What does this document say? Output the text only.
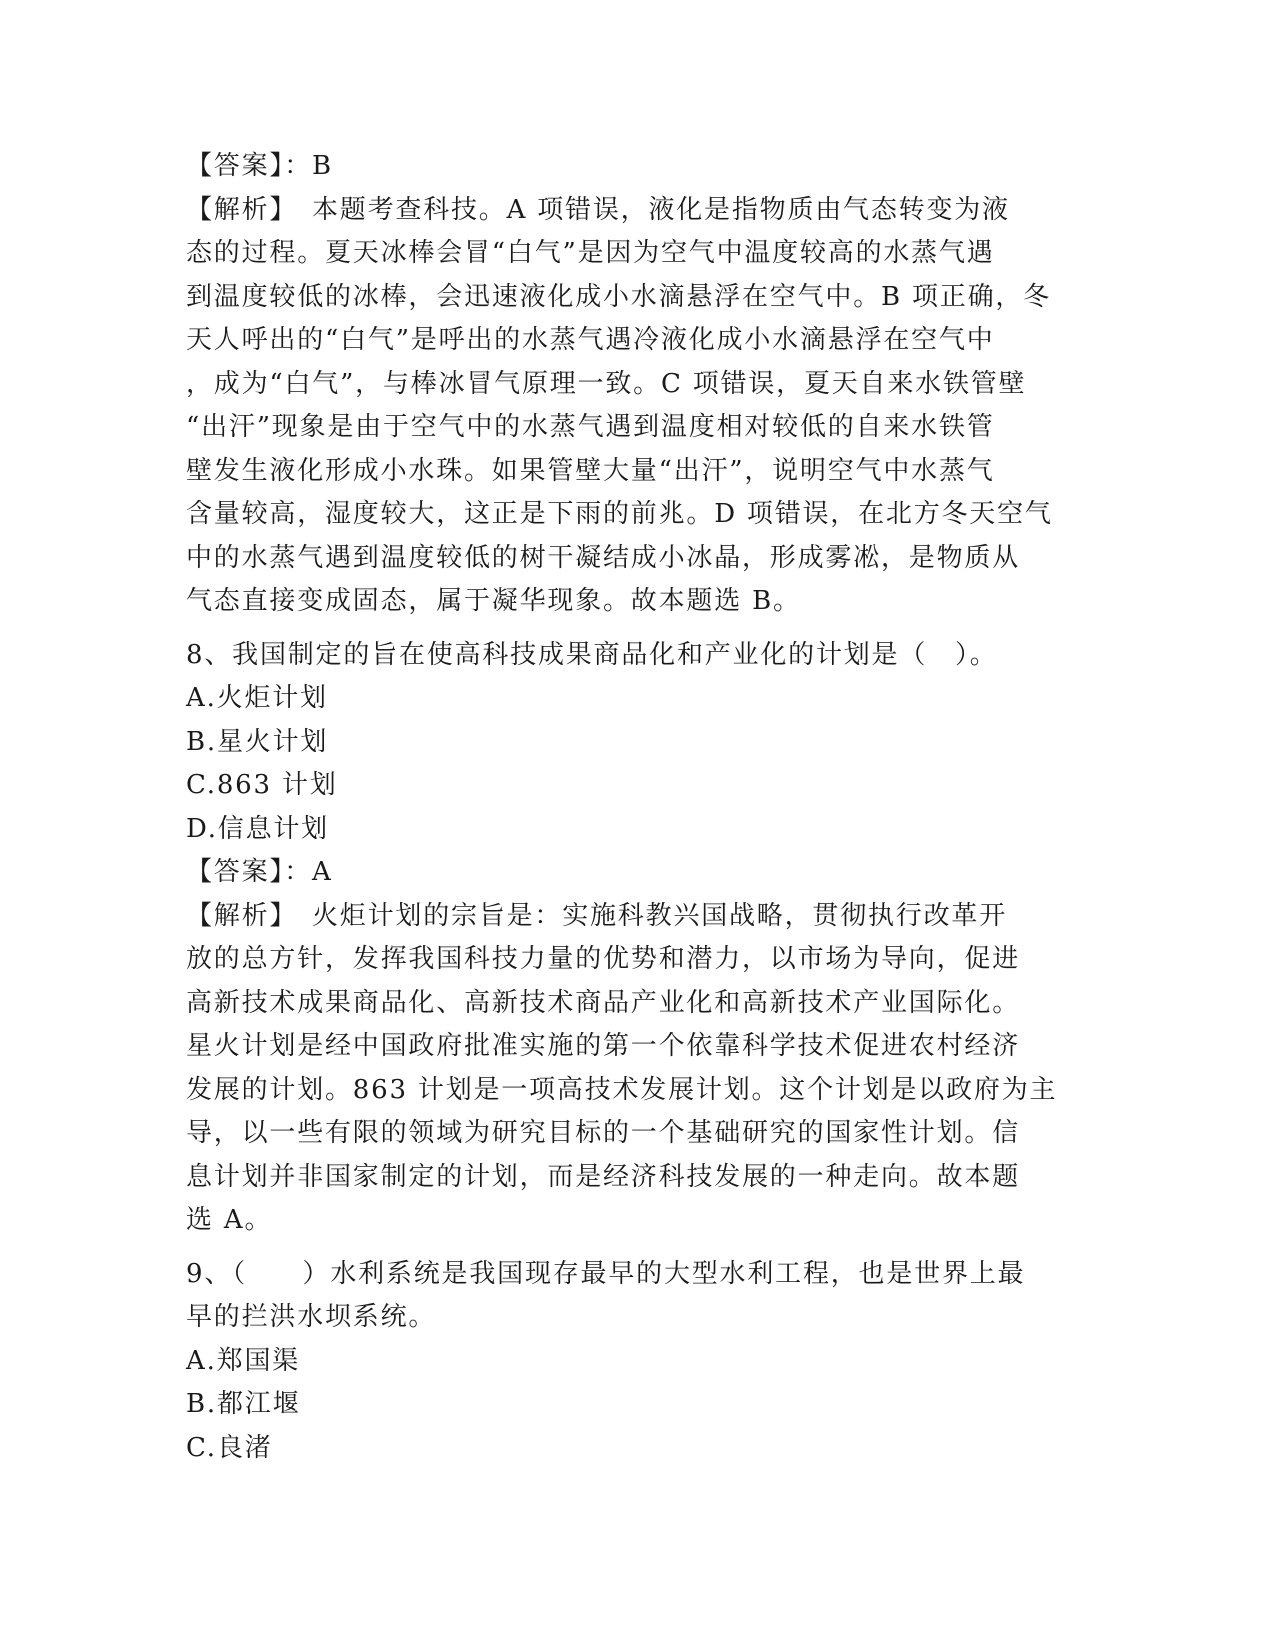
【答案】：B
【解析】　本题考查科技。A 项错误，液化是指物质由气态转变为液
态的过程。夏天冰棒会冒“白气”是因为空气中温度较高的水蒸气遇
到温度较低的冰棒，会迅速液化成小水滴悬浮在空气中。B 项正确，冬
天人呼出的“白气”是呼出的水蒸气遇冷液化成小水滴悬浮在空气中
，成为“白气”，与棒冰冒气原理一致。C 项错误，夏天自来水铁管壁
“出汗”现象是由于空气中的水蒸气遇到温度相对较低的自来水铁管
壁发生液化形成小水珠。如果管壁大量“出汗”，说明空气中水蒸气
含量较高，湿度较大，这正是下雨的前兆。D 项错误，在北方冬天空气
中的水蒸气遇到温度较低的树干凝结成小冰晶，形成雾凇，是物质从
气态直接变成固态，属于凝华现象。故本题选 B。
8、我国制定的旨在使高科技成果商品化和产业化的计划是（　）。
A.火炬计划
B.星火计划
C.863 计划
D.信息计划
【答案】：A
【解析】　火炬计划的宗旨是：实施科教兴国战略，贯彻执行改革开
放的总方针，发挥我国科技力量的优势和潜力，以市场为导向，促进
高新技术成果商品化、高新技术商品产业化和高新技术产业国际化。
星火计划是经中国政府批准实施的第一个依靠科学技术促进农村经济
发展的计划。863 计划是一项高技术发展计划。这个计划是以政府为主
导，以一些有限的领域为研究目标的一个基础研究的国家性计划。信
息计划并非国家制定的计划，而是经济科技发展的一种走向。故本题
选 A。
9、（　　）水利系统是我国现存最早的大型水利工程，也是世界上最
早的拦洪水坝系统。
A.郑国渠
B.都江堰
C.良渚
